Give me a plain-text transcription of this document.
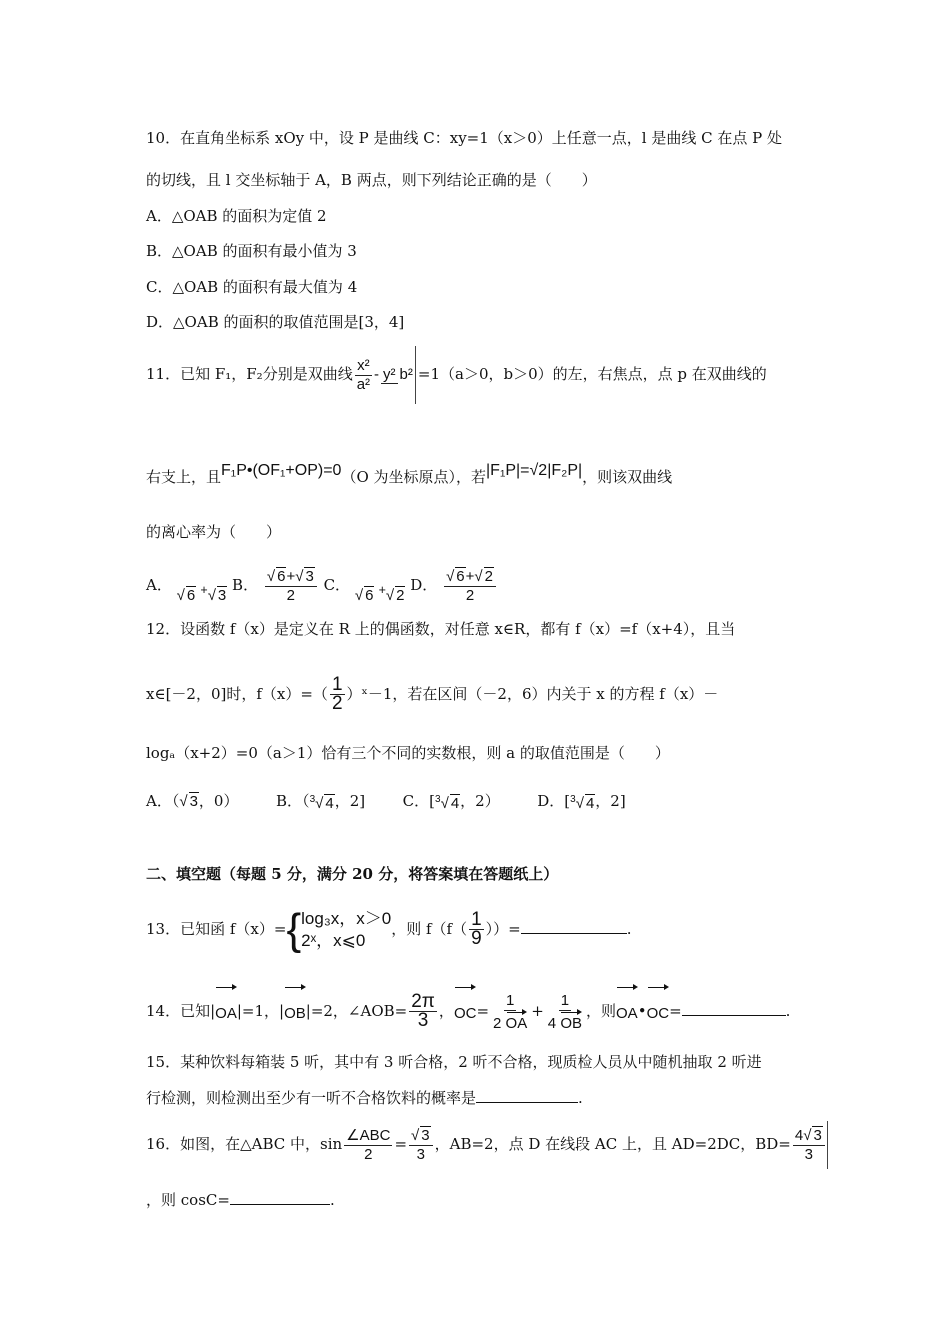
10．在直角坐标系 xOy 中，设 P 是曲线 C：xy=1（x＞0）上任意一点，l 是曲线 C 在点 P 处
的切线，且 l 交坐标轴于 A，B 两点，则下列结论正确的是（　　）
A．△OAB 的面积为定值 2
B．△OAB 的面积有最小值为 3
C．△OAB 的面积有最大值为 4
D．△OAB 的面积的取值范围是[3，4]
11．已知 F₁，F₂分别是双曲线 $\frac{\text{x²}}{\text{a²}} - y^2$ b² =1（a＞0，b＞0）的左，右焦点，点 p 在双曲线的
右支上，且F₁P•(OF₁+OP)=0（O 为坐标原点），若|F₁P|=√2|F₂P|，则该双曲线
的离心率为（　　）
A． √ 6 +√ 3 B． $\frac{√ 6+√ 3}{2}$ C． √ 6 +√ 2 D． $\frac{√ 6+√ 2}{2}$
12．设函数 f（x）是定义在 R 上的偶函数，对任意 x∈R，都有 f（x）=f（x+4），且当
x∈[－2，0]时，$f(x)=( \frac{1}{2}$ ）ˣ－1，若在区间（－2，6）内关于 x 的方程 f（x）－
logₐ（x+2）=0（a＞1）恰有三个不同的实数根，则 a 的取值范围是（　　）
A．（√ 3，0）	B．（$^3$√ 4，2]	C．[$^3$√ 4，2）	D．[$^3$√ 4，2]
二、填空题（每题 5 分，满分 20 分，将答案填在答题纸上）
13．已知函 f（x）={ log₃x，x＞0
2ˣ，x⩽0
，则 $f(f( \frac{1}{9}$ ））=	.
14．已知|OA|=1，|OB|=2，∠AOB= $\frac{2\pi}{3}$ ，$OC= \frac{1}{2 OA} + \frac{1}{4 OB}$ ，则OA•OC=	.
15．某种饮料每箱装 5 听，其中有 3 听合格，2 听不合格，现质检人员从中随机抽取 2 听进
行检测，则检测出至少有一听不合格饮料的概率是	.
16．如图，在△ABC 中，$\sin \frac{\text{∠ABC}}{2} = \frac{√ 3}{3}$ ，AB=2，点 D 在线段 AC 上，且 AD=2DC，$BD= \frac{4√ 3}{3}$
，则 cosC=	.
